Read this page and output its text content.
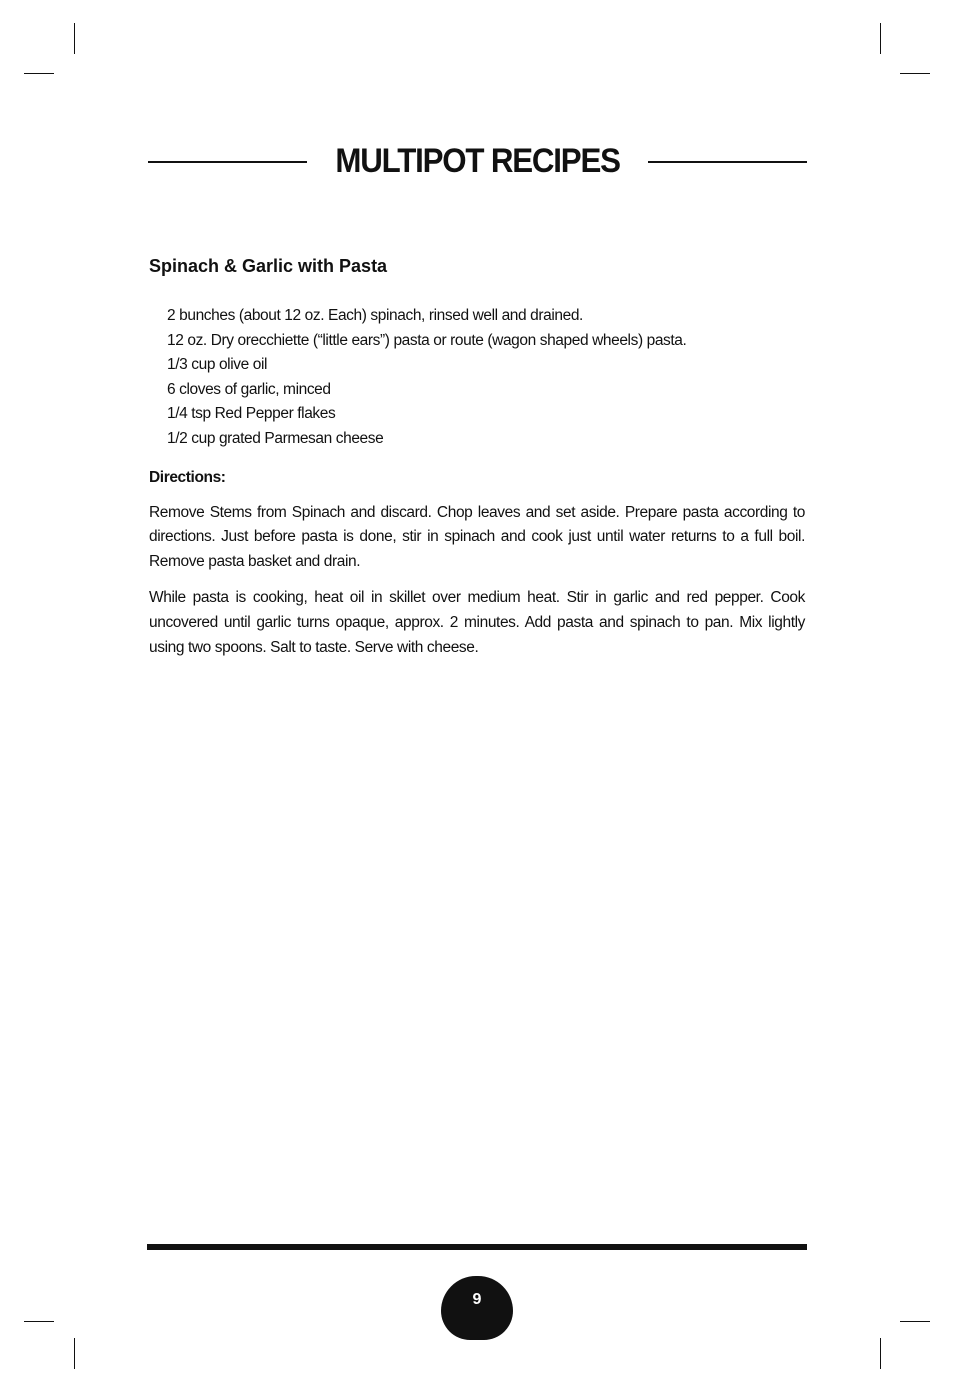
MULTIPOT RECIPES
Spinach & Garlic with Pasta
2 bunches (about 12 oz. Each) spinach, rinsed well and drained.
12 oz. Dry orecchiette (“little ears”) pasta or route (wagon shaped wheels) pasta.
1/3 cup olive oil
6 cloves of garlic, minced
1/4 tsp Red Pepper flakes
1/2 cup grated Parmesan cheese
Directions:

Remove Stems from Spinach and discard. Chop leaves and set aside. Prepare pasta according to directions. Just before pasta is done, stir in spinach and cook just until water returns to a full boil. Remove pasta basket and drain.

While pasta is cooking, heat oil in skillet over medium heat. Stir in garlic and red pepper. Cook uncovered until garlic turns opaque, approx. 2 minutes. Add pasta and spinach to pan. Mix lightly using two spoons. Salt to taste. Serve with cheese.

9
